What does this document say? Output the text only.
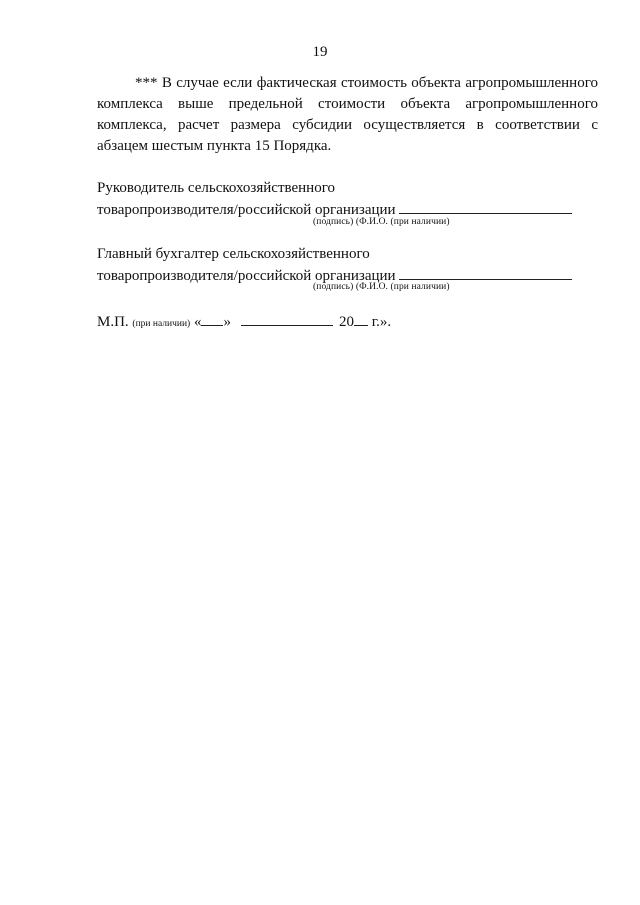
19

*** В случае если фактическая стоимость объекта агропромышленного комплекса выше предельной стоимости объекта агропромышленного комплекса, расчет размера субсидии осуществляется в соответствии с абзацем шестым пункта 15 Порядка.

Руководитель сельскохозяйственного
товаропроизводителя/российской организации
(подпись) (Ф.И.О. (при наличии)
Главный бухгалтер сельскохозяйственного
товаропроизводителя/российской организации
(подпись) (Ф.И.О. (при наличии)
М.П. (при наличии) « »	20 г.».
